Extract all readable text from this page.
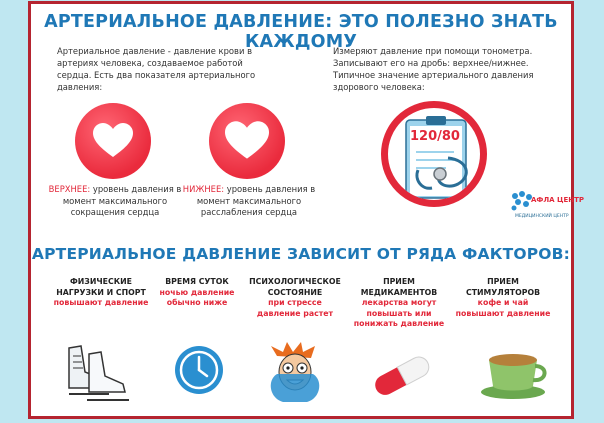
АРТЕРИАЛЬНОЕ ДАВЛЕНИЕ: ЭТО ПОЛЕЗНО ЗНАТЬ КАЖДОМУ
Артериальное давление - давление крови в артериях человека, создаваемое работой сердца. Есть два показателя артериального давления:
Измеряют давление при помощи тонометра. Записывают его на дробь: верхнее/нижнее. Типичное значение артериального давления здорового человека:
ВЕРХНЕЕ: уровень давления в момент максимального сокращения сердца
НИЖНЕЕ: уровень давления в момент максимального расслабления сердца
120/80
АФЛА ЦЕНТР
МЕДИЦИНСКИЙ ЦЕНТР
АРТЕРИАЛЬНОЕ ДАВЛЕНИЕ ЗАВИСИТ ОТ РЯДА ФАКТОРОВ:
ФИЗИЧЕСКИЕ НАГРУЗКИ И СПОРТ
повышают давление
ВРЕМЯ СУТОК
ночью давление обычно ниже
ПСИХОЛОГИЧЕСКОЕ СОСТОЯНИЕ
при стрессе давление растет
ПРИЕМ МЕДИКАМЕНТОВ
лекарства могут повышать или понижать давление
ПРИЕМ СТИМУЛЯТОРОВ
кофе и чай повышают давление
